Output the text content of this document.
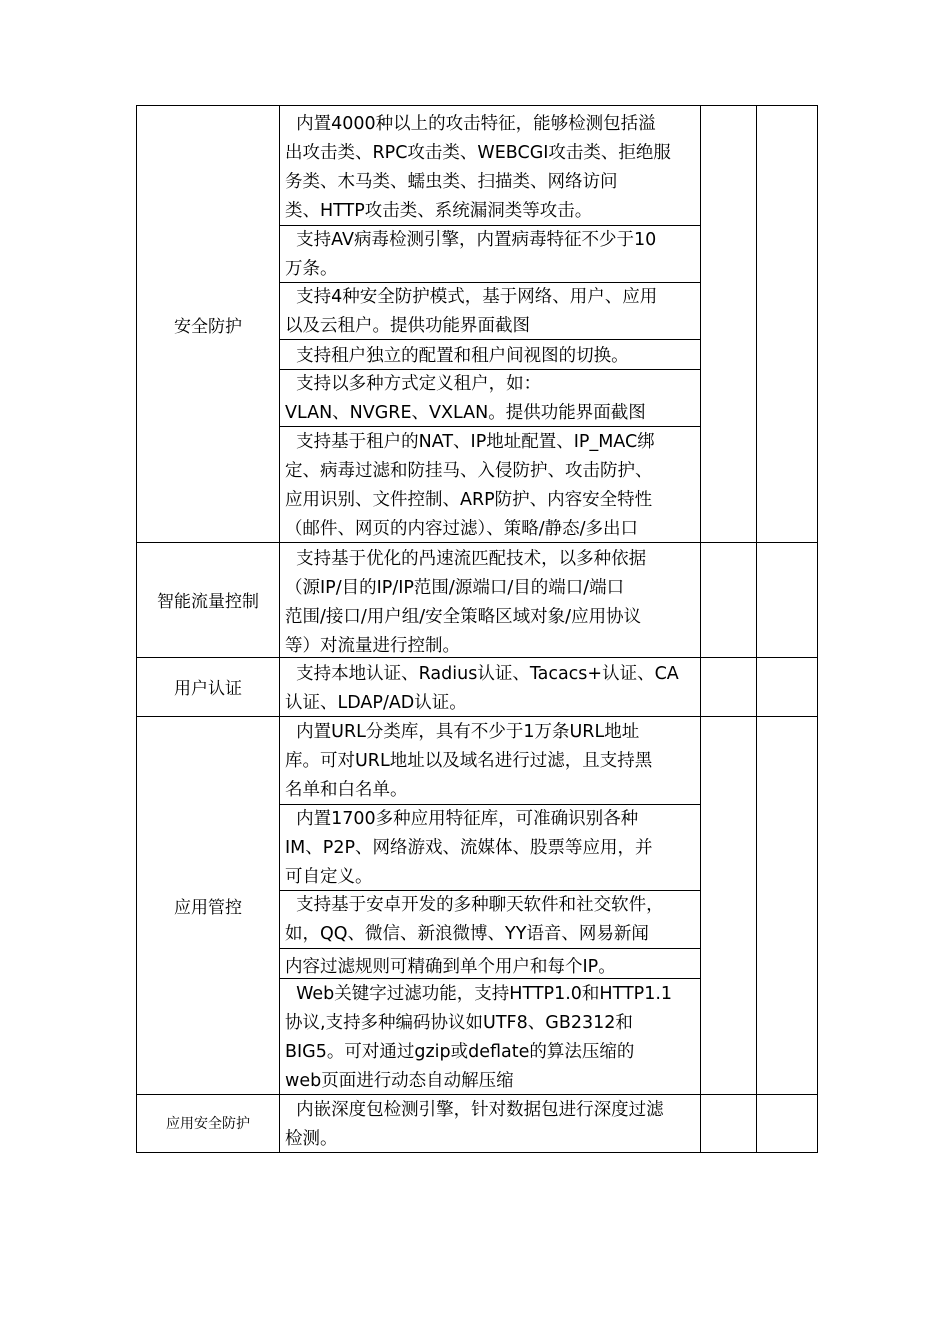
安全防护
智能流量控制
用户认证
应用管控
应用安全防护
内置4000种以上的攻击特征，能够检测包括溢
出攻击类、RPC攻击类、WEBCGI攻击类、拒绝服
务类、木马类、蠕虫类、扫描类、网络访问
类、HTTP攻击类、系统漏洞类等攻击。
支持AV病毒检测引擎，内置病毒特征不少于10
万条。
支持4种安全防护模式，基于网络、用户、应用
以及云租户。提供功能界面截图
支持租户独立的配置和租户间视图的切换。
支持以多种方式定义租户，如：
VLAN、NVGRE、VXLAN。提供功能界面截图
支持基于租户的NAT、IP地址配置、IP_MAC绑
定、病毒过滤和防挂马、入侵防护、攻击防护、
应用识别、文件控制、ARP防护、内容安全特性
（邮件、网页的内容过滤）、策略/静态/多出口
支持基于优化的冎速流匹配技术，以多种依据
（源IP/目的IP/IP范围/源端口/目的端口/端口
范围/接口/用户组/安全策略区域对象/应用协议
等）对流量进行控制。
支持本地认证、Radius认证、Tacacs+认证、CA
认证、LDAP/AD认证。
内置URL分类库，具有不少于1万条URL地址
库。可对URL地址以及域名进行过滤，且支持黑
名单和白名单。
内置1700多种应用特征库，可准确识别各种
IM、P2P、网络游戏、流媒体、股票等应用，并
可自定义。
支持基于安卓开发的多种聊天软件和社交软件，
如，QQ、微信、新浪微博、YY语音、网易新闻
内容过滤规则可精确到单个用户和每个IP。
Web关键字过滤功能，支持HTTP1.0和HTTP1.1
协议,支持多种编码协议如UTF8、GB2312和
BIG5。可对通过gzip或deflate的算法压缩的
web页面进行动态自动解压缩
内嵌深度包检测引擎，针对数据包进行深度过滤
检测。
